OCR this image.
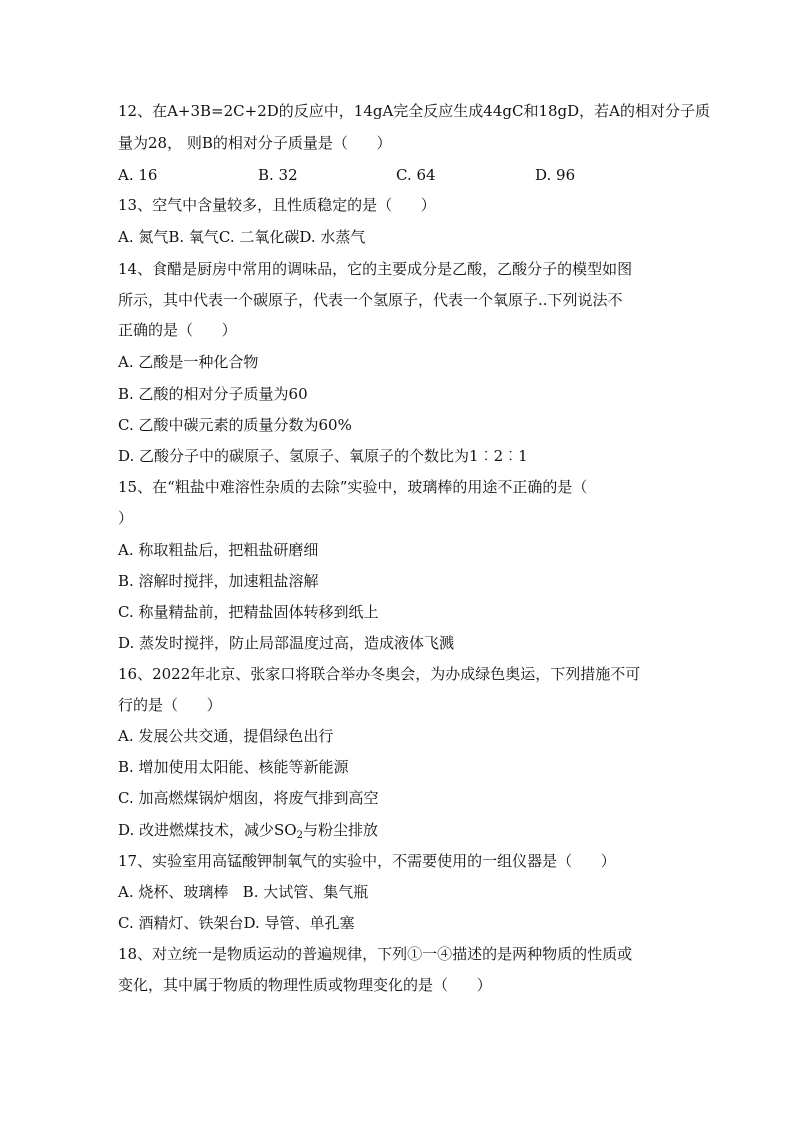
12、在A+3B=2C+2D的反应中，14gA完全反应生成44gC和18gD，若A的相对分子质
量为28， 则B的相对分子质量是（      ）

A. 16

	B. 32

	C. 64

	D. 96

13、空气中含量较多，且性质稳定的是（      ）
A. 氮气B. 氧气C. 二氧化碳D. 水蒸气
14、食醋是厨房中常用的调味品，它的主要成分是乙酸，乙酸分子的模型如图
所示，其中代表一个碳原子，代表一个氢原子，代表一个氧原子..下列说法不
正确的是（      ）
A. 乙酸是一种化合物
B. 乙酸的相对分子质量为60
C. 乙酸中碳元素的质量分数为60%
D. 乙酸分子中的碳原子、氢原子、氧原子的个数比为1︰2︰1
15、在“粗盐中难溶性杂质的去除”实验中，玻璃棒的用途不正确的是（
）
A. 称取粗盐后，把粗盐研磨细
B. 溶解时搅拌，加速粗盐溶解
C. 称量精盐前，把精盐固体转移到纸上
D. 蒸发时搅拌，防止局部温度过高，造成液体飞溅
16、2022年北京、张家口将联合举办冬奥会，为办成绿色奥运，下列措施不可
行的是（      ）
A. 发展公共交通，提倡绿色出行
B. 增加使用太阳能、核能等新能源
C. 加高燃煤锅炉烟囱，将废气排到高空
D. 改进燃煤技术，减少$SO_2$与粉尘排放
17、实验室用高锰酸钾制氧气的实验中，不需要使用的一组仪器是（      ）
A. 烧杯、玻璃棒   B. 大试管、集气瓶
C. 酒精灯、铁架台D. 导管、单孔塞
18、对立统一是物质运动的普遍规律，下列①一④描述的是两种物质的性质或
变化，其中属于物质的物理性质或物理变化的是（      ）
